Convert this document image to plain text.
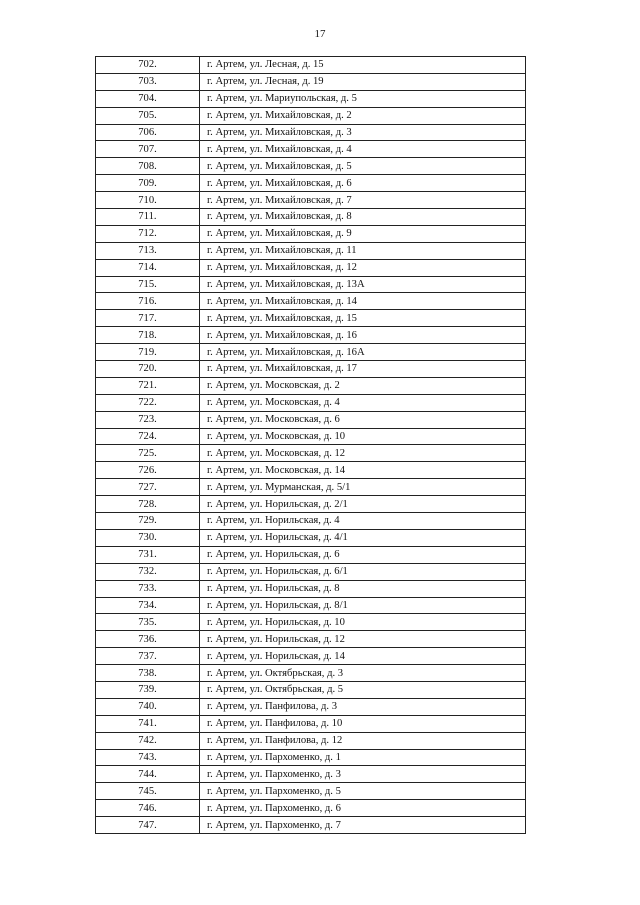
17
702.	г. Артем, ул. Лесная, д. 15
703.	г. Артем, ул. Лесная, д. 19
704.	г. Артем, ул. Мариупольская, д. 5
705.	г. Артем, ул. Михайловская, д. 2
706.	г. Артем, ул. Михайловская, д. 3
707.	г. Артем, ул. Михайловская, д. 4
708.	г. Артем, ул. Михайловская, д. 5
709.	г. Артем, ул. Михайловская, д. 6
710.	г. Артем, ул. Михайловская, д. 7
711.	г. Артем, ул. Михайловская, д. 8
712.	г. Артем, ул. Михайловская, д. 9
713.	г. Артем, ул. Михайловская, д. 11
714.	г. Артем, ул. Михайловская, д. 12
715.	г. Артем, ул. Михайловская, д. 13А
716.	г. Артем, ул. Михайловская, д. 14
717.	г. Артем, ул. Михайловская, д. 15
718.	г. Артем, ул. Михайловская, д. 16
719.	г. Артем, ул. Михайловская, д. 16А
720.	г. Артем, ул. Михайловская, д. 17
721.	г. Артем, ул. Московская, д. 2
722.	г. Артем, ул. Московская, д. 4
723.	г. Артем, ул. Московская, д. 6
724.	г. Артем, ул. Московская, д. 10
725.	г. Артем, ул. Московская, д. 12
726.	г. Артем, ул. Московская, д. 14
727.	г. Артем, ул. Мурманская, д. 5/1
728.	г. Артем, ул. Норильская, д. 2/1
729.	г. Артем, ул. Норильская, д. 4
730.	г. Артем, ул. Норильская, д. 4/1
731.	г. Артем, ул. Норильская, д. 6
732.	г. Артем, ул. Норильская, д. 6/1
733.	г. Артем, ул. Норильская, д. 8
734.	г. Артем, ул. Норильская, д. 8/1
735.	г. Артем, ул. Норильская, д. 10
736.	г. Артем, ул. Норильская, д. 12
737.	г. Артем, ул. Норильская, д. 14
738.	г. Артем, ул. Октябрьская, д. 3
739.	г. Артем, ул. Октябрьская, д. 5
740.	г. Артем, ул. Панфилова, д. 3
741.	г. Артем, ул. Панфилова, д. 10
742.	г. Артем, ул. Панфилова, д. 12
743.	г. Артем, ул. Пархоменко, д. 1
744.	г. Артем, ул. Пархоменко, д. 3
745.	г. Артем, ул. Пархоменко, д. 5
746.	г. Артем, ул. Пархоменко, д. 6
747.	г. Артем, ул. Пархоменко, д. 7
